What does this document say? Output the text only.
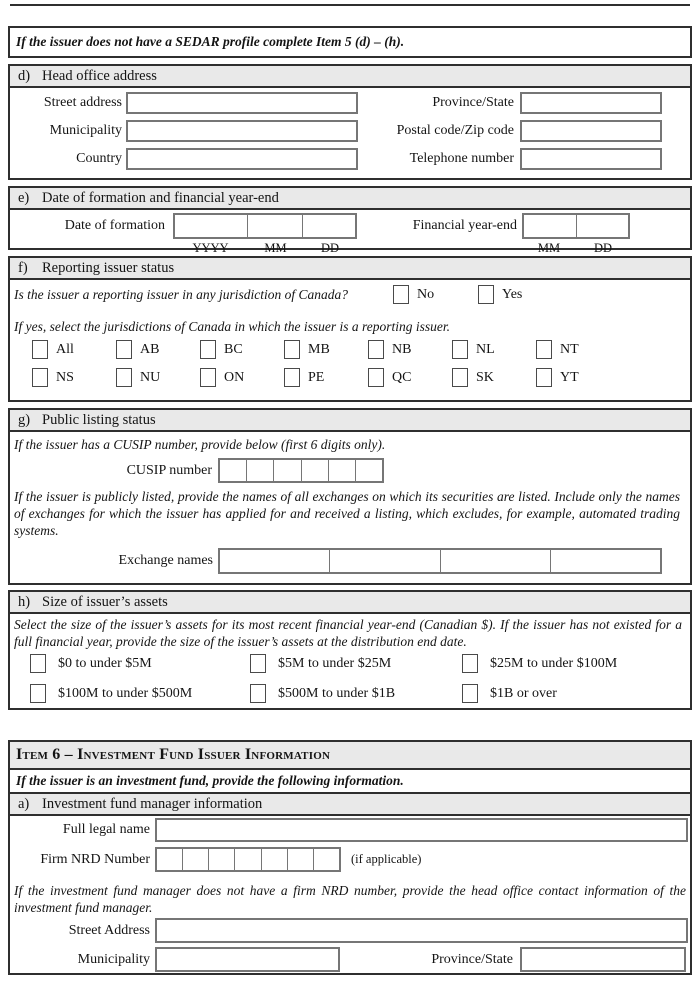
If the issuer does not have a SEDAR profile complete Item 5 (d) – (h).
d) Head office address
Street address	Province/State
Municipality	Postal code/Zip code
Country	Telephone number
e) Date of formation and financial year-end
Date of formation
YYYY	MM	DD
Financial year-end
MM	DD
f) Reporting issuer status
Is the issuer a reporting issuer in any jurisdiction of Canada?	No	Yes
If yes, select the jurisdictions of Canada in which the issuer is a reporting issuer.
All	AB	BC	MB	NB	NL	NT
NS	NU	ON	PE	QC	SK	YT
g) Public listing status
If the issuer has a CUSIP number, provide below (first 6 digits only).
CUSIP number
If the issuer is publicly listed, provide the names of all exchanges on which its securities are listed. Include only the names of exchanges for which the issuer has applied for and received a listing, which excludes, for example, automated trading systems.
Exchange names
h) Size of issuer’s assets
Select the size of the issuer’s assets for its most recent financial year-end (Canadian $). If the issuer has not existed for a full financial year, provide the size of the issuer’s assets at the distribution end date.
$0 to under $5M	$5M to under $25M	$25M to under $100M
$100M to under $500M	$500M to under $1B	$1B or over
Item 6 – Investment Fund Issuer Information
If the issuer is an investment fund, provide the following information.
a) Investment fund manager information
Full legal name
Firm NRD Number	(if applicable)
If the investment fund manager does not have a firm NRD number, provide the head office contact information of the investment fund manager.
Street Address
Municipality	Province/State
